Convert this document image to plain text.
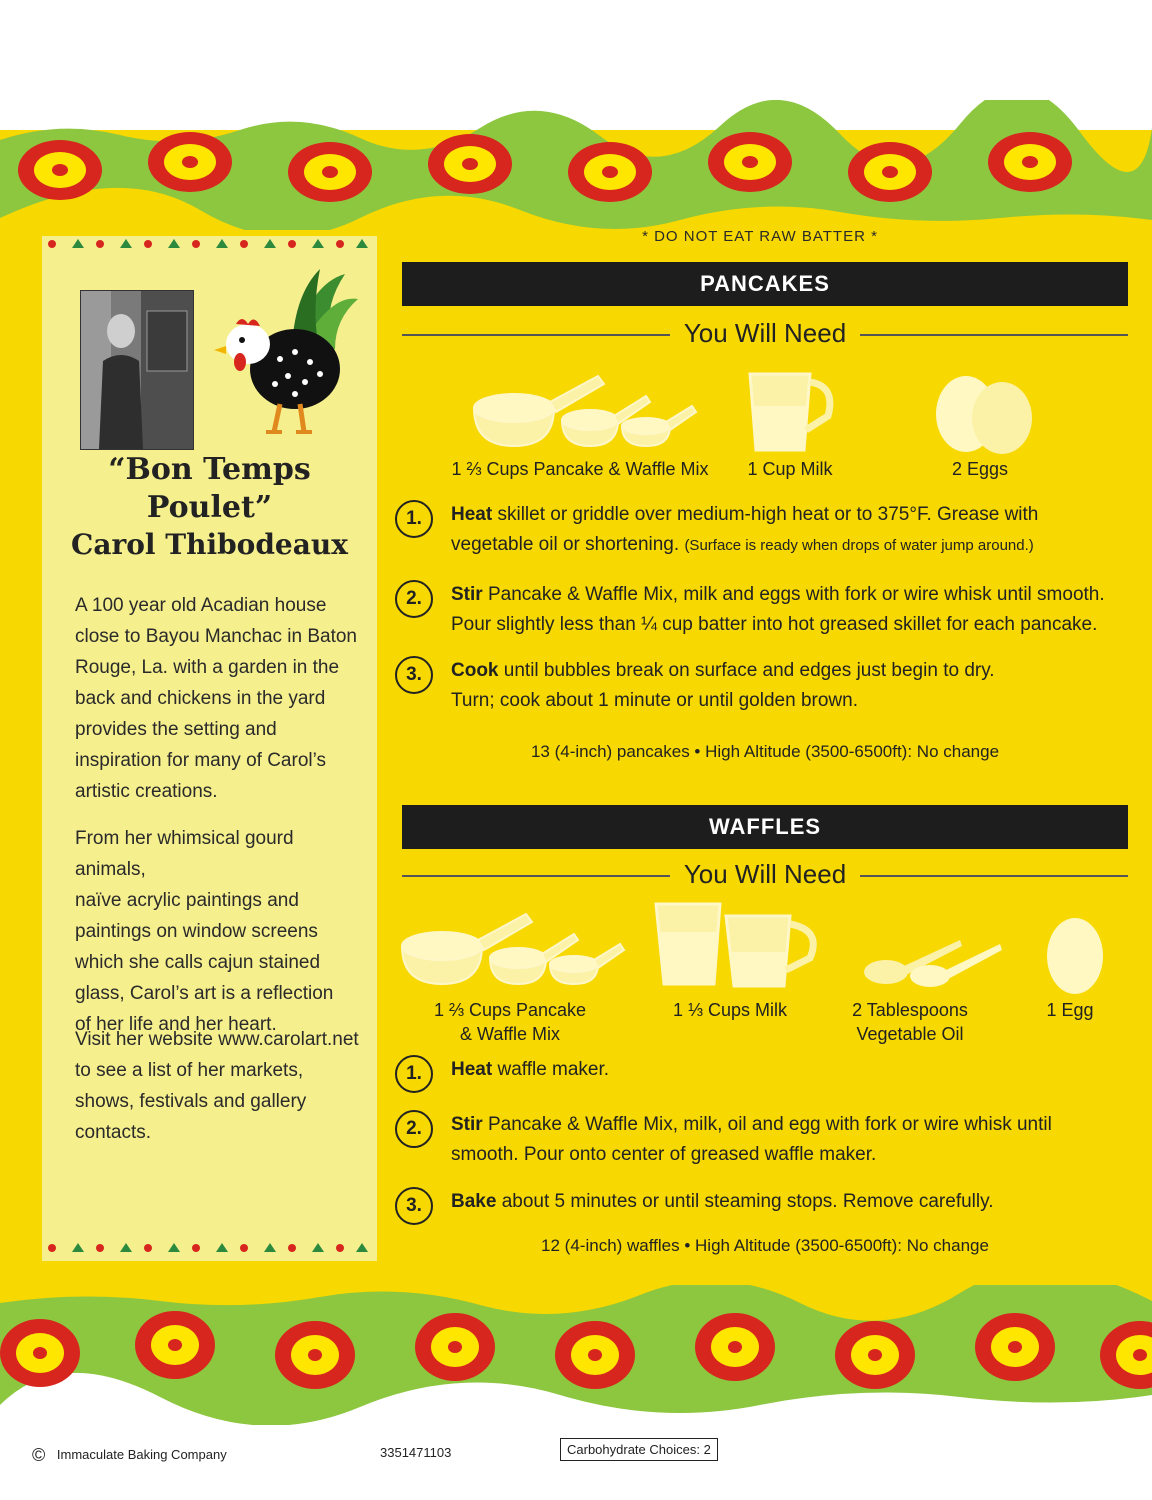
“Bon Temps
Poulet”
Carol Thibodeaux
A 100 year old Acadian house
close to Bayou Manchac in Baton
Rouge, La. with a garden in the
back and chickens in the yard
provides the setting and
inspiration for many of Carol’s
artistic creations.
From her whimsical gourd animals,
naïve acrylic paintings and
paintings on window screens
which she calls cajun stained
glass, Carol’s art is a reflection
of her life and her heart.
Visit her website www.carolart.net
to see a list of her markets,
shows, festivals and gallery
contacts.
* DO NOT EAT RAW BATTER *
PANCAKES
You Will Need
1 ⅔ Cups Pancake & Waffle Mix	1 Cup Milk	2 Eggs
1.	Heat skillet or griddle over medium-high heat or to 375°F. Grease with
vegetable oil or shortening. (Surface is ready when drops of water jump around.)
2.	Stir Pancake & Waffle Mix, milk and eggs with fork or wire whisk until smooth.
Pour slightly less than ¼ cup batter into hot greased skillet for each pancake.
3.	Cook until bubbles break on surface and edges just begin to dry.
Turn; cook about 1 minute or until golden brown.
13 (4-inch) pancakes • High Altitude (3500-6500ft): No change
WAFFLES
You Will Need
1 ⅔ Cups Pancake
& Waffle Mix
1 ⅓ Cups Milk	2 Tablespoons
Vegetable Oil
1 Egg
1.	Heat waffle maker.
2.	Stir Pancake & Waffle Mix, milk, oil and egg with fork or wire whisk until
smooth. Pour onto center of greased waffle maker.
3.	Bake about 5 minutes or until steaming stops. Remove carefully.
12 (4-inch) waffles • High Altitude (3500-6500ft): No change
© Immaculate Baking Company	3351471103	Carbohydrate Choices: 2
